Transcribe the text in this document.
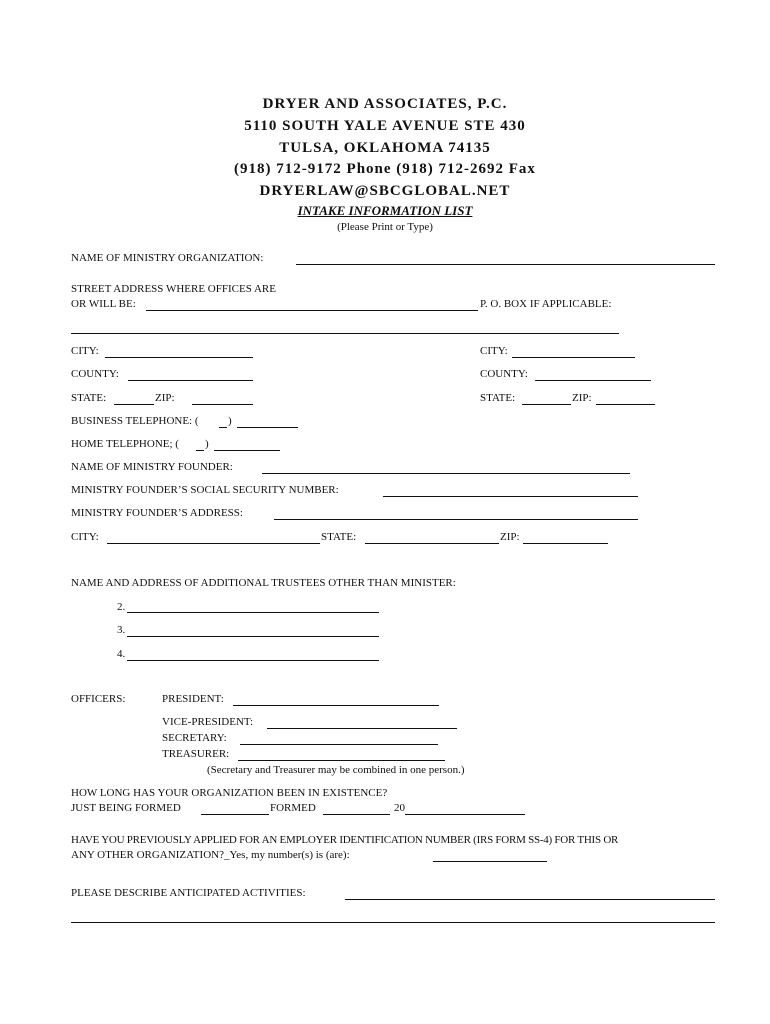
DRYER AND ASSOCIATES, P.C.
5110 SOUTH YALE AVENUE STE 430
TULSA, OKLAHOMA 74135
(918) 712-9172 Phone (918) 712-2692 Fax
DRYERLAW@SBCGLOBAL.NET
INTAKE INFORMATION LIST
(Please Print or Type)
NAME OF MINISTRY ORGANIZATION:
STREET ADDRESS WHERE OFFICES ARE
OR WILL BE:	P. O. BOX IF APPLICABLE:
CITY:	CITY:
COUNTY:	COUNTY:
STATE:	ZIP:	STATE:	ZIP:
BUSINESS TELEPHONE: (	)
HOME TELEPHONE; ( )
NAME OF MINISTRY FOUNDER:
MINISTRY FOUNDER’S SOCIAL SECURITY NUMBER:
MINISTRY FOUNDER’S ADDRESS:
CITY:	STATE:	ZIP:
NAME AND ADDRESS OF ADDITIONAL TRUSTEES OTHER THAN MINISTER:
2.
3.
4.
OFFICERS:	PRESIDENT:
VICE-PRESIDENT:
SECRETARY:
TREASURER:
(Secretary and Treasurer may be combined in one person.)
HOW LONG HAS YOUR ORGANIZATION BEEN IN EXISTENCE?
JUST BEING FORMED	FORMED	20
HAVE YOU PREVIOUSLY APPLIED FOR AN EMPLOYER IDENTIFICATION NUMBER (IRS FORM SS-4) FOR THIS OR
ANY OTHER ORGANIZATION?_Yes, my number(s) is (are):
PLEASE DESCRIBE ANTICIPATED ACTIVITIES:
